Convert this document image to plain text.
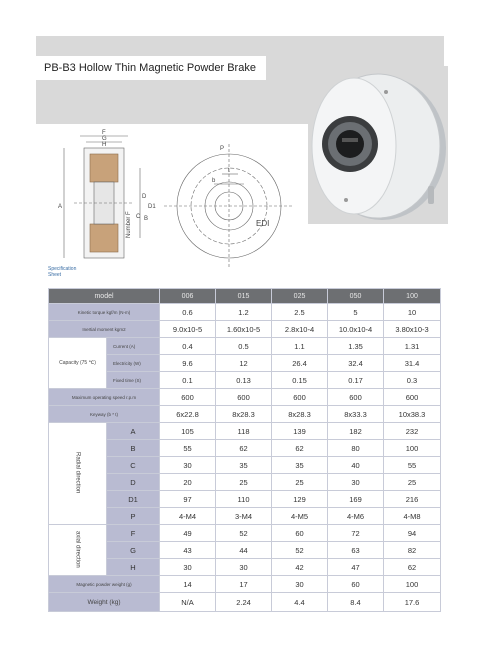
PB-B3 Hollow Thin Magnetic Powder Brake
F
G
H
P
D1
D
A
C B
Number F	EDI
t
b
Specification Sheet
model		006	015	025	050	100
Kinetic torque kgf/m (N-m)		0.6	1.2	2.5	5	10
Inertial moment kgm2		9.0x10-5	1.60x10-5	2.8x10-4	10.0x10-4	3.80x10-3
Capacity (75 ℃)	Current (A)	0.4	0.5	1.1	1.35	1.31
	Electricity (W)	9.6	12	26.4	32.4	31.4
	Fixed time (S)	0.1	0.13	0.15	0.17	0.3
Maximum operating speed r.p.m		600	600	600	600	600
Keyway (b * t)		6x22.8	8x28.3	8x28.3	8x33.3	10x38.3
Radial direction	A	105	118	139	182	232
	B	55	62	62	80	100
	C	30	35	35	40	55
	D	20	25	25	30	25
	D1	97	110	129	169	216
	P	4-M4	3-M4	4-M5	4-M6	4-M8
axial direction	F	49	52	60	72	94
	G	43	44	52	63	82
	H	30	30	42	47	62
Magnetic powder weight (g)		14	17	30	60	100
Weight (kg)		N/A	2.24	4.4	8.4	17.6
